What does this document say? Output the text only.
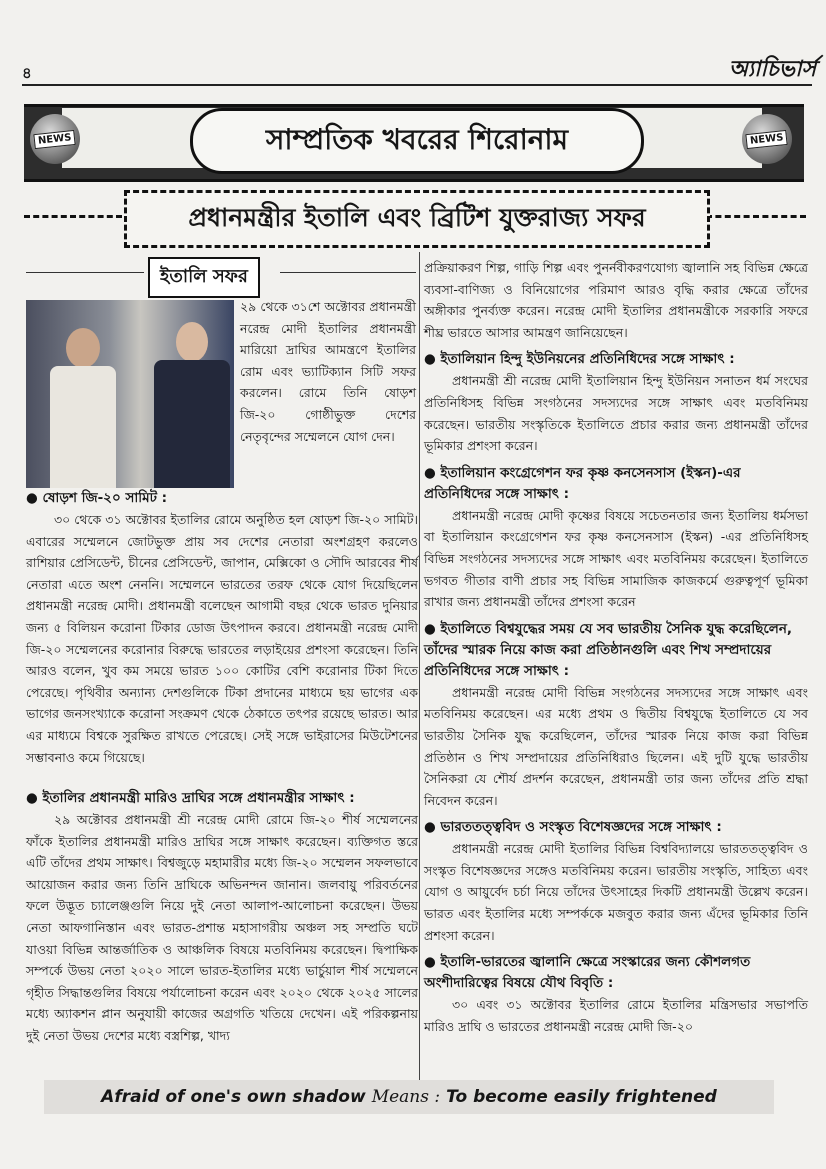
৪	অ্যাচিভার্স
NEWS	NEWS
সাম্প্রতিক খবরের শিরোনাম
প্রধানমন্ত্রীর ইতালি এবং ব্রিটিশ যুক্তরাজ্য সফর
ইতালি সফর

২৯ থেকে ৩১শে অক্টোবর প্রধানমন্ত্রী নরেন্দ্র মোদী ইতালির প্রধানমন্ত্রী মারিয়ো দ্রাঘির আমন্ত্রণে ইতালির রোম এবং ভ্যাটিক্যান সিটি সফর করলেন। রোমে তিনি ষোড়শ জি-২০ গোষ্ঠীভুক্ত দেশের নেতৃবৃন্দের সম্মেলনে যোগ দেন।

● ষোড়শ জি-২০ সামিট :

৩০ থেকে ৩১ অক্টোবর ইতালির রোমে অনুষ্ঠিত হল ষোড়শ জি-২০ সামিট। এবারের সম্মেলনে জোটভুক্ত প্রায় সব দেশের নেতারা অংশগ্রহণ করলেও রাশিয়ার প্রেসিডেন্ট, চীনের প্রেসিডেন্ট, জাপান, মেক্সিকো ও সৌদি আরবের শীর্ষ নেতারা এতে অংশ নেননি। সম্মেলনে ভারতের তরফ থেকে যোগ দিয়েছিলেন প্রধানমন্ত্রী নরেন্দ্র মোদী। প্রধানমন্ত্রী বলেছেন আগামী বছর থেকে ভারত দুনিয়ার জন্য ৫ বিলিয়ন করোনা টিকার ডোজ উৎপাদন করবে। প্রধানমন্ত্রী নরেন্দ্র মোদী জি-২০ সম্মেলনের করোনার বিরুদ্ধে ভারতের লড়াইয়ের প্রশংসা করেছেন। তিনি আরও বলেন, খুব কম সময়ে ভারত ১০০ কোটির বেশি করোনার টিকা দিতে পেরেছে। পৃথিবীর অন্যান্য দেশগুলিকে টিকা প্রদানের মাধ্যমে ছয় ভাগের এক ভাগের জনসংখ্যাকে করোনা সংক্রমণ থেকে ঠেকাতে তৎপর রয়েছে ভারত। আর এর মাধ্যমে বিশ্বকে সুরক্ষিত রাখতে পেরেছে। সেই সঙ্গে ভাইরাসের মিউটেশনের সম্ভাবনাও কমে গিয়েছে।

● ইতালির প্রধানমন্ত্রী মারিও দ্রাঘির সঙ্গে প্রধানমন্ত্রীর সাক্ষাৎ :

২৯ অক্টোবর প্রধানমন্ত্রী শ্রী নরেন্দ্র মোদী রোমে জি-২০ শীর্ষ সম্মেলনের ফাঁকে ইতালির প্রধানমন্ত্রী মারিও দ্রাঘির সঙ্গে সাক্ষাৎ করেছেন। ব্যক্তিগত স্তরে এটি তাঁদের প্রথম সাক্ষাৎ। বিশ্বজুড়ে মহামারীর মধ্যে জি-২০ সম্মেলন সফলভাবে আয়োজন করার জন্য তিনি দ্রাঘিকে অভিনন্দন জানান। জলবায়ু পরিবর্তনের ফলে উদ্ভূত চ্যালেঞ্জগুলি নিয়ে দুই নেতা আলাপ-আলোচনা করেছেন। উভয় নেতা আফগানিস্তান এবং ভারত-প্রশান্ত মহাসাগরীয় অঞ্চল সহ সম্প্রতি ঘটে যাওয়া বিভিন্ন আন্তর্জাতিক ও আঞ্চলিক বিষয়ে মতবিনিময় করেছেন। দ্বিপাক্ষিক সম্পর্কে উভয় নেতা ২০২০ সালে ভারত-ইতালির মধ্যে ভার্চুয়াল শীর্ষ সম্মেলনে গৃহীত সিদ্ধান্তগুলির বিষয়ে পর্যালোচনা করেন এবং ২০২০ থেকে ২০২৫ সালের মধ্যে অ্যাকশন প্লান অনুযায়ী কাজের অগ্রগতি খতিয়ে দেখেন। এই পরিকল্পনায় দুই নেতা উভয় দেশের মধ্যে বস্ত্রশিল্প, খাদ্য

প্রক্রিয়াকরণ শিল্প, গাড়ি শিল্প এবং পুনর্নবীকরণযোগ্য জ্বালানি সহ বিভিন্ন ক্ষেত্রে ব্যবসা-বাণিজ্য ও বিনিয়োগের পরিমাণ আরও বৃদ্ধি করার ক্ষেত্রে তাঁদের অঙ্গীকার পুনর্ব্যক্ত করেন। নরেন্দ্র মোদী ইতালির প্রধানমন্ত্রীকে সরকারি সফরে শীঘ্র ভারতে আসার আমন্ত্রণ জানিয়েছেন।

● ইতালিয়ান হিন্দু ইউনিয়নের প্রতিনিধিদের সঙ্গে সাক্ষাৎ :

প্রধানমন্ত্রী শ্রী নরেন্দ্র মোদী ইতালিয়ান হিন্দু ইউনিয়ন সনাতন ধর্ম সংঘের প্রতিনিধিসহ বিভিন্ন সংগঠনের সদস্যদের সঙ্গে সাক্ষাৎ এবং মতবিনিময় করেছেন। ভারতীয় সংস্কৃতিকে ইতালিতে প্রচার করার জন্য প্রধানমন্ত্রী তাঁদের ভূমিকার প্রশংসা করেন।

● ইতালিয়ান কংগ্রেগেশন ফর কৃষ্ণ কনসেনসাস (ইস্কন)-এর প্রতিনিধিদের সঙ্গে সাক্ষাৎ :

প্রধানমন্ত্রী নরেন্দ্র মোদী কৃষ্ণের বিষয়ে সচেতনতার জন্য ইতালিয় ধর্মসভা বা ইতালিয়ান কংগ্রেগেশন ফর কৃষ্ণ কনসেনসাস (ইস্কন) -এর প্রতিনিধিসহ বিভিন্ন সংগঠনের সদস্যদের সঙ্গে সাক্ষাৎ এবং মতবিনিময় করেছেন। ইতালিতে ভগবত গীতার বাণী প্রচার সহ বিভিন্ন সামাজিক কাজকর্মে গুরুত্বপূর্ণ ভূমিকা রাখার জন্য প্রধানমন্ত্রী তাঁদের প্রশংসা করেন

● ইতালিতে বিশ্বযুদ্ধের সময় যে সব ভারতীয় সৈনিক যুদ্ধ করেছিলেন, তাঁদের স্মারক নিয়ে কাজ করা প্রতিষ্ঠানগুলি এবং শিখ সম্প্রদায়ের প্রতিনিধিদের সঙ্গে সাক্ষাৎ :

প্রধানমন্ত্রী নরেন্দ্র মোদী বিভিন্ন সংগঠনের সদস্যদের সঙ্গে সাক্ষাৎ এবং মতবিনিময় করেছেন। এর মধ্যে প্রথম ও দ্বিতীয় বিশ্বযুদ্ধে ইতালিতে যে সব ভারতীয় সৈনিক যুদ্ধ করেছিলেন, তাঁদের স্মারক নিয়ে কাজ করা বিভিন্ন প্রতিষ্ঠান ও শিখ সম্প্রদায়ের প্রতিনিধিরাও ছিলেন। এই দুটি যুদ্ধে ভারতীয় সৈনিকরা যে শৌর্য প্রদর্শন করেছেন, প্রধানমন্ত্রী তার জন্য তাঁদের প্রতি শ্রদ্ধা নিবেদন করেন।

● ভারততত্ত্ববিদ ও সংস্কৃত বিশেষজ্ঞদের সঙ্গে সাক্ষাৎ :

প্রধানমন্ত্রী নরেন্দ্র মোদী ইতালির বিভিন্ন বিশ্ববিদ্যালয়ে ভারততত্ত্ববিদ ও সংস্কৃত বিশেষজ্ঞদের সঙ্গেও মতবিনিময় করেন। ভারতীয় সংস্কৃতি, সাহিত্য এবং যোগ ও আয়ুর্বেদ চর্চা নিয়ে তাঁদের উৎসাহের দিকটি প্রধানমন্ত্রী উল্লেখ করেন। ভারত এবং ইতালির মধ্যে সম্পর্ককে মজবুত করার জন্য এঁদের ভূমিকার তিনি প্রশংসা করেন।

● ইতালি-ভারতের জ্বালানি ক্ষেত্রে সংস্কারের জন্য কৌশলগত অংশীদারিত্বের বিষয়ে যৌথ বিবৃতি :

৩০ এবং ৩১ অক্টোবর ইতালির রোমে ইতালির মন্ত্রিসভার সভাপতি মারিও দ্রাঘি ও ভারতের প্রধানমন্ত্রী নরেন্দ্র মোদী জি-২০

Afraid of one's own shadow Means : To become easily frightened
